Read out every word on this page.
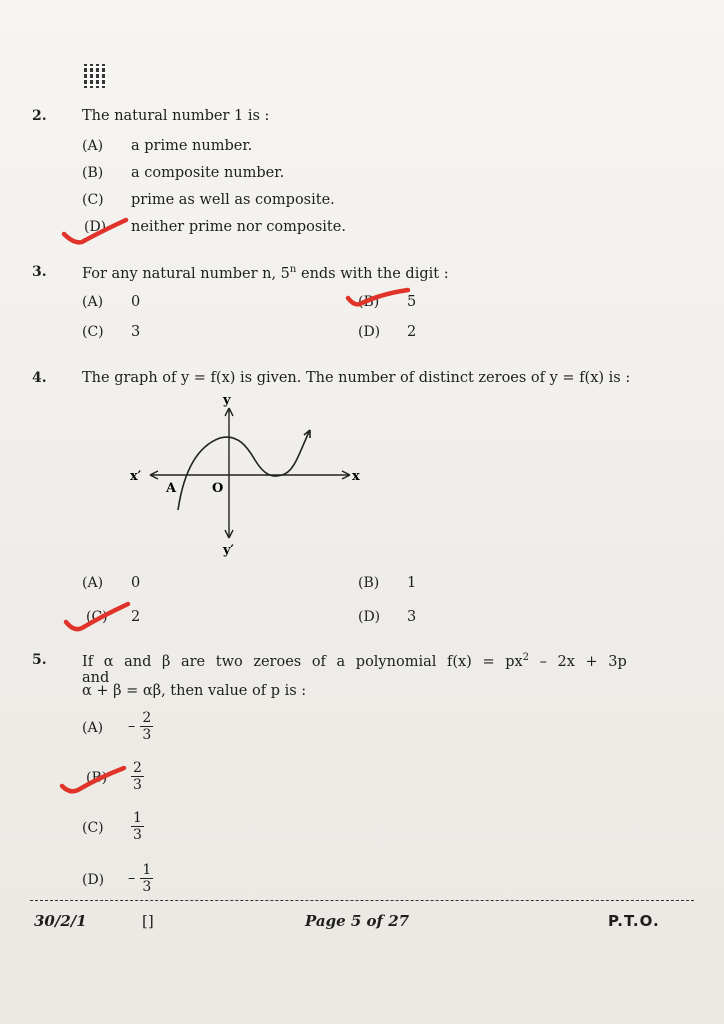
2. The natural number 1 is :
(A) a prime number.
(B) a composite number.
(C) prime as well as composite.
(D) neither prime nor composite.
3. For any natural number n, 5$^n$ ends with the digit :
(A) 0	(B) 5
(C) 3	(D) 2
4. The graph of y = f(x) is given. The number of distinct zeroes of y = f(x) is :
y
y′
x′	x
O
A
(A) 0	(B) 1
(C) 2	(D) 3
5. If α and β are two zeroes of a polynomial $f(x) = px^2 - 2x + 3p$ and
α + β = αβ, then value of p is :
$(A) - \frac{2}{3}$
$(B) \frac{2}{3}$
$(C) \frac{1}{3}$
$(D) - \frac{1}{3}$
30/2/1	[]	Page 5 of 27	P.T.O.
